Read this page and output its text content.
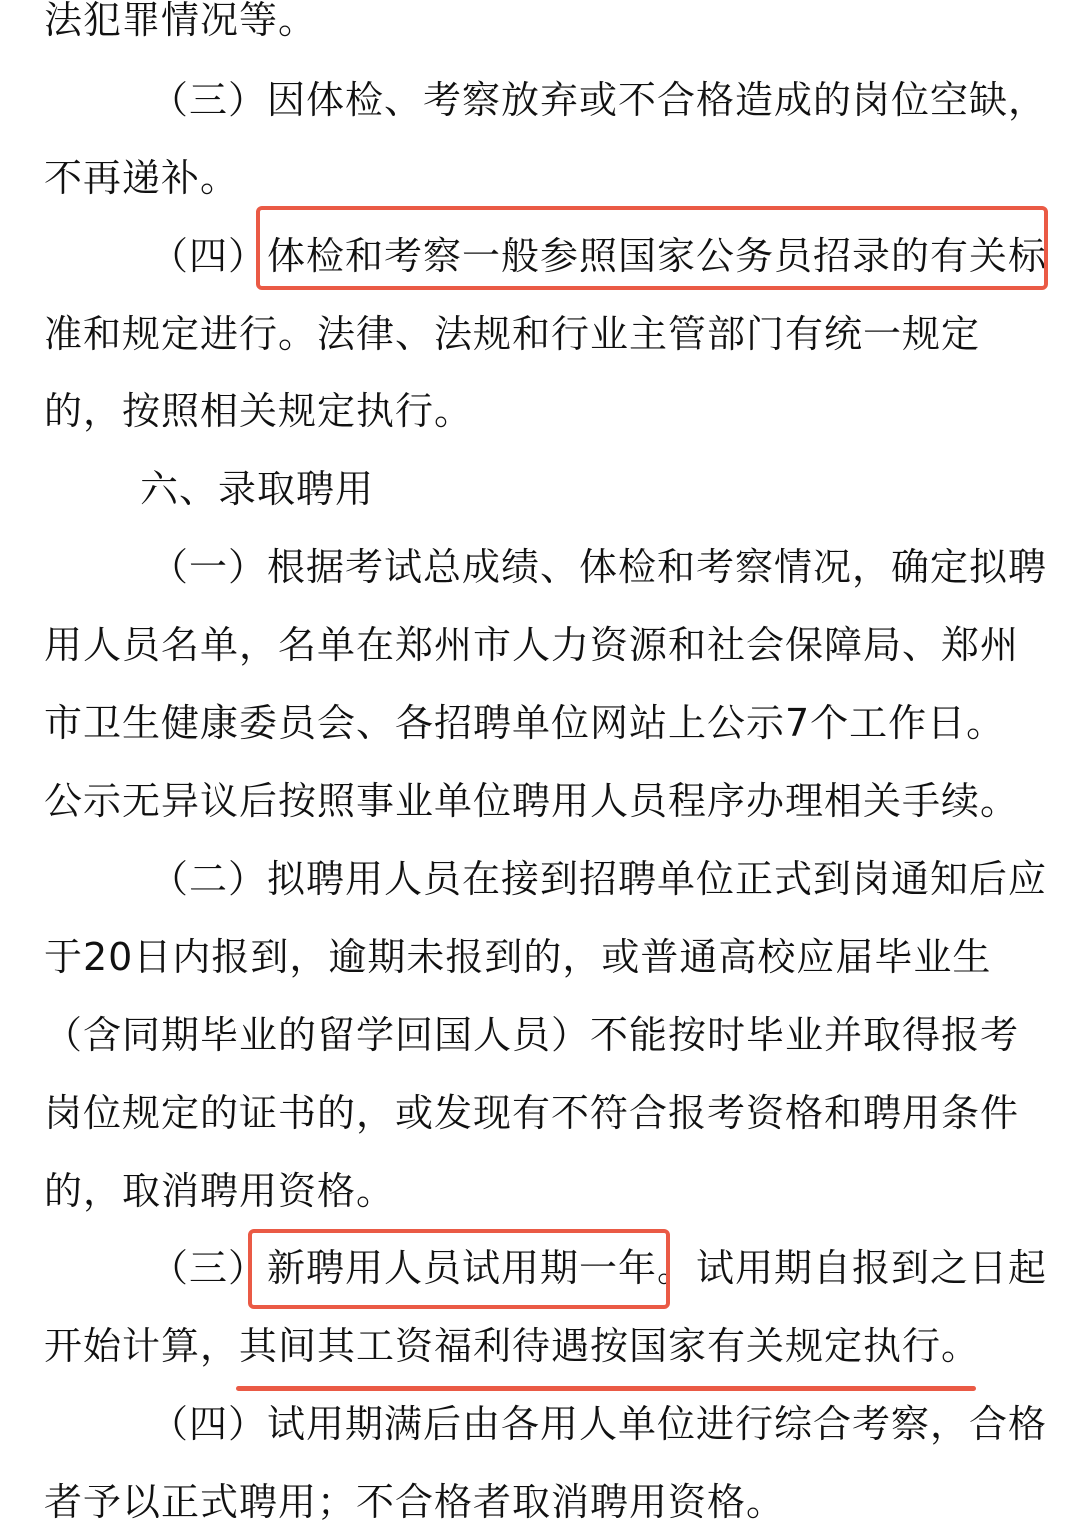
法犯罪情况等。
（三）因体检、考察放弃或不合格造成的岗位空缺，
不再递补。
（四）体检和考察一般参照国家公务员招录的有关标
准和规定进行。法律、法规和行业主管部门有统一规定
的，按照相关规定执行。
六、录取聘用
（一）根据考试总成绩、体检和考察情况，确定拟聘
用人员名单，名单在郑州市人力资源和社会保障局、郑州
市卫生健康委员会、各招聘单位网站上公示7个工作日。
公示无异议后按照事业单位聘用人员程序办理相关手续。
（二）拟聘用人员在接到招聘单位正式到岗通知后应
于20日内报到，逾期未报到的，或普通高校应届毕业生
（含同期毕业的留学回国人员）不能按时毕业并取得报考
岗位规定的证书的，或发现有不符合报考资格和聘用条件
的，取消聘用资格。
（三）新聘用人员试用期一年。试用期自报到之日起
开始计算，其间其工资福利待遇按国家有关规定执行。
（四）试用期满后由各用人单位进行综合考察，合格
者予以正式聘用；不合格者取消聘用资格。
